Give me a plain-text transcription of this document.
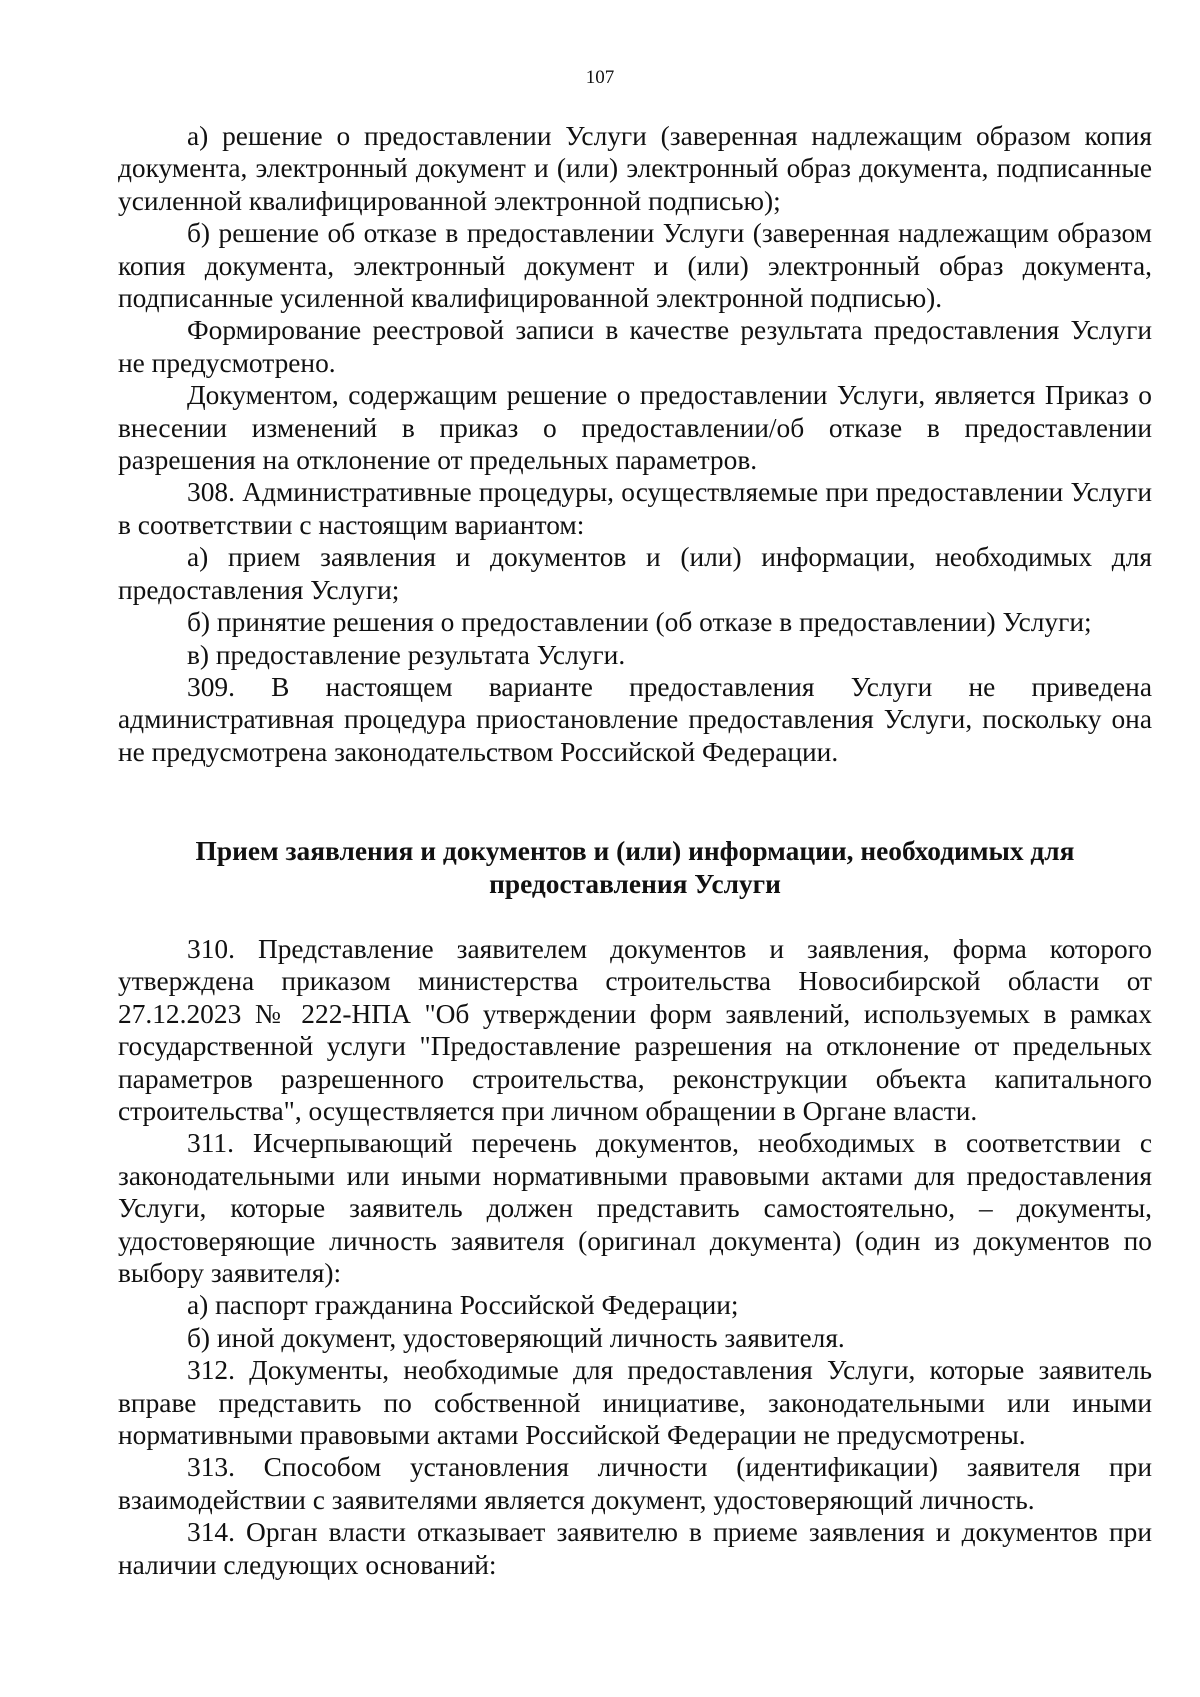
107

а) решение о предоставлении Услуги (заверенная надлежащим образом копия документа, электронный документ и (или) электронный образ документа, подписанные усиленной квалифицированной электронной подписью);

б) решение об отказе в предоставлении Услуги (заверенная надлежащим образом копия документа, электронный документ и (или) электронный образ документа, подписанные усиленной квалифицированной электронной подписью).

Формирование реестровой записи в качестве результата предоставления Услуги не предусмотрено.

Документом, содержащим решение о предоставлении Услуги, является Приказ о внесении изменений в приказ о предоставлении/об отказе в предоставлении разрешения на отклонение от предельных параметров.

308. Административные процедуры, осуществляемые при предоставлении Услуги в соответствии с настоящим вариантом:

а) прием заявления и документов и (или) информации, необходимых для предоставления Услуги;

б) принятие решения о предоставлении (об отказе в предоставлении) Услуги;

в) предоставление результата Услуги.

309. В настоящем варианте предоставления Услуги не приведена административная процедура приостановление предоставления Услуги, поскольку она не предусмотрена законодательством Российской Федерации.

Прием заявления и документов и (или) информации, необходимых для
предоставления Услуги

310. Представление заявителем документов и заявления, форма которого утверждена приказом министерства строительства Новосибирской области от 27.12.2023 № 222-НПА "Об утверждении форм заявлений, используемых в рамках государственной услуги "Предоставление разрешения на отклонение от предельных параметров разрешенного строительства, реконструкции объекта капитального строительства", осуществляется при личном обращении в Органе власти.

311. Исчерпывающий перечень документов, необходимых в соответствии с законодательными или иными нормативными правовыми актами для предоставления Услуги, которые заявитель должен представить самостоятельно, – документы, удостоверяющие личность заявителя (оригинал документа) (один из документов по выбору заявителя):

а) паспорт гражданина Российской Федерации;

б) иной документ, удостоверяющий личность заявителя.

312. Документы, необходимые для предоставления Услуги, которые заявитель вправе представить по собственной инициативе, законодательными или иными нормативными правовыми актами Российской Федерации не предусмотрены.

313. Способом установления личности (идентификации) заявителя при взаимодействии с заявителями является документ, удостоверяющий личность.

314. Орган власти отказывает заявителю в приеме заявления и документов при наличии следующих оснований:
